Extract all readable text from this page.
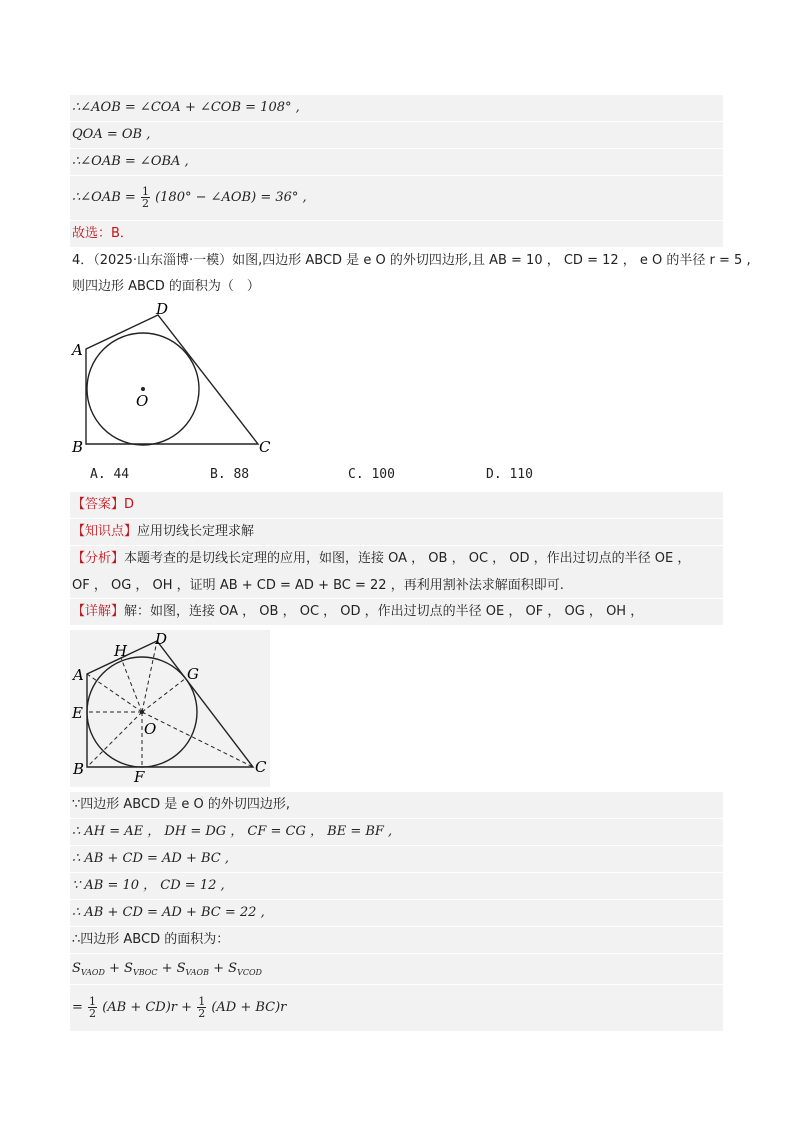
∴∠AOB = ∠COA + ∠COB = 108° ,
QOA = OB ,
∴∠OAB = ∠OBA ,
∴∠OAB = $\frac{1}{2} (180^\circ$ − ∠AOB) = 36° ,
故选：B．
4．（2025·山东淄博·一模）如图,四边形 ABCD 是 e O 的外切四边形,且 AB = 10 ， CD = 12 ， e O 的半径 r = 5 ,
则四边形 ABCD 的面积为（　）
D
A
O
B	C
A. 44	B. 88	C. 100	D. 110
【答案】D
【知识点】应用切线长定理求解
【分析】本题考查的是切线长定理的应用，如图，连接 OA ， OB ， OC ， OD ，作出过切点的半径 OE ，
OF ， OG ， OH ，证明 AB + CD = AD + BC = 22 ，再利用割补法求解面积即可.
【详解】解：如图，连接 OA ， OB ， OC ， OD ，作出过切点的半径 OE ， OF ， OG ， OH ，
H
D
A	G
E
O
B	F
C
∵四边形 ABCD 是 e O 的外切四边形,
∴ AH = AE ， DH = DG ， CF = CG ， BE = BF ,
∴ AB + CD = AD + BC ,
∵ AB = 10 ， CD = 12 ,
∴ AB + CD = AD + BC = 22 ,
∴四边形 ABCD 的面积为：
$S_{VAOD} + S_{VBOC} + S_{VAOB} + S_{VCOD}$
= $\frac{1}{2} (AB + CD)r + \frac{1}{2} (AD + BC)r$
